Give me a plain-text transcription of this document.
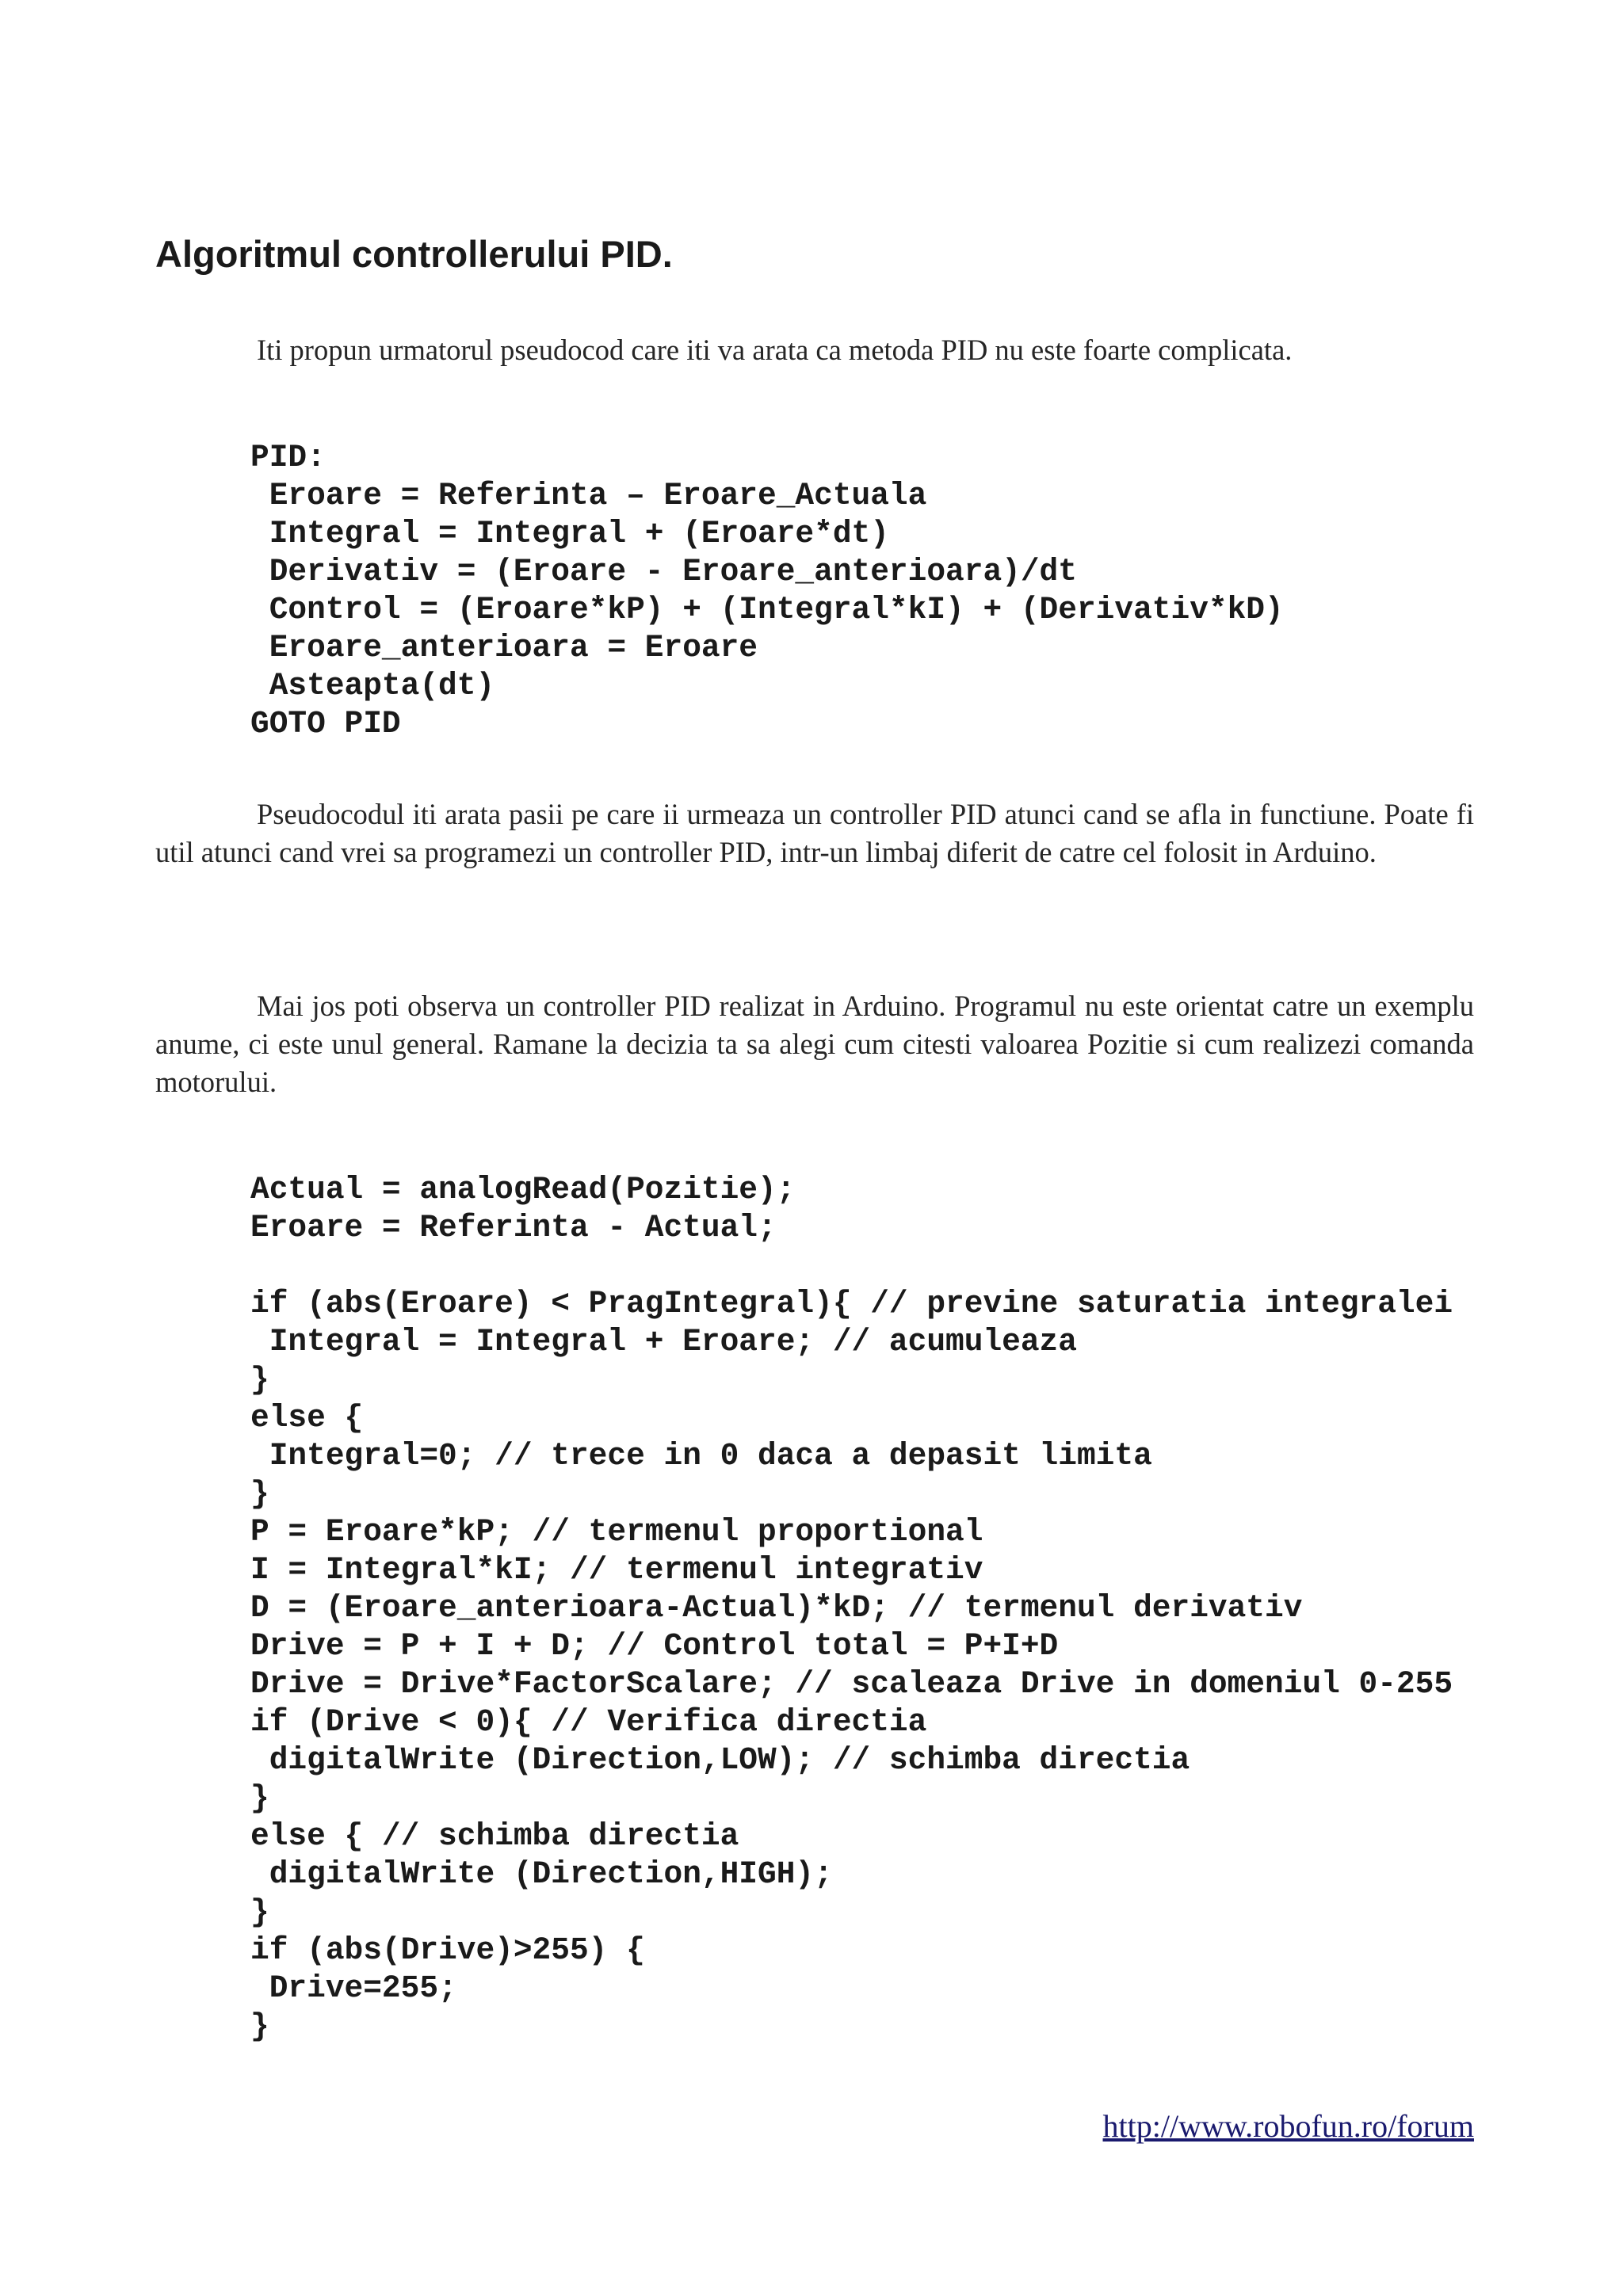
Algoritmul controllerului PID.

Iti propun urmatorul pseudocod care iti va arata ca metoda PID nu este foarte complicata.

PID:
Eroare = Referinta – Eroare_Actuala
Integral = Integral + (Eroare*dt)
Derivativ = (Eroare - Eroare_anterioara)/dt
Control = (Eroare*kP) + (Integral*kI) + (Derivativ*kD)
Eroare_anterioara = Eroare
Asteapta(dt)
GOTO PID

Pseudocodul iti arata pasii pe care ii urmeaza un controller PID atunci cand se afla in functiune. Poate fi util atunci cand vrei sa programezi un controller PID, intr-un limbaj diferit de catre cel folosit in Arduino.

Mai jos poti observa un controller PID realizat in Arduino. Programul nu este orientat catre un exemplu anume, ci este unul general. Ramane la decizia ta sa alegi cum citesti valoarea Pozitie si cum realizezi comanda motorului.

Actual = analogRead(Pozitie);
Eroare = Referinta - Actual;
if (abs(Eroare) < PragIntegral){ // previne saturatia integralei
Integral = Integral + Eroare; // acumuleaza
}
else {
Integral=0; // trece in 0 daca a depasit limita
}
P = Eroare*kP; // termenul proportional
I = Integral*kI; // termenul integrativ
D = (Eroare_anterioara-Actual)*kD; // termenul derivativ
Drive = P + I + D; // Control total = P+I+D
Drive = Drive*FactorScalare; // scaleaza Drive in domeniul 0-255
if (Drive < 0){ // Verifica directia
digitalWrite (Direction,LOW); // schimba directia
}
else { // schimba directia
digitalWrite (Direction,HIGH);
}
if (abs(Drive)>255) {
Drive=255;
}
http://www.robofun.ro/forum
